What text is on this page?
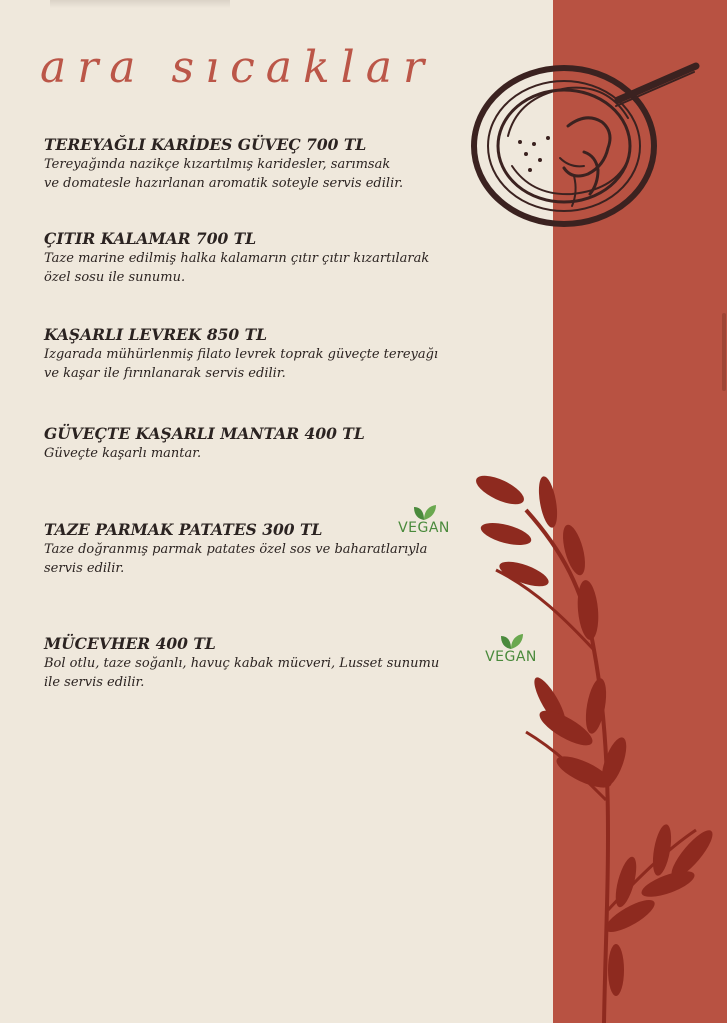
ara sıcaklar
TEREYAĞLI KARİDES GÜVEÇ 700 TL
Tereyağında nazikçe kızartılmış karidesler, sarımsak
ve domatesle hazırlanan aromatik soteyle servis edilir.
ÇITIR KALAMAR 700 TL
Taze marine edilmiş halka kalamarın çıtır çıtır kızartılarak
özel sosu ile sunumu.
KAŞARLI LEVREK 850 TL
Izgarada mühürlenmiş filato levrek toprak güveçte tereyağı
ve kaşar ile fırınlanarak servis edilir.
GÜVEÇTE KAŞARLI MANTAR 400 TL
Güveçte kaşarlı mantar.
TAZE PARMAK PATATES 300 TL
Taze doğranmış parmak patates özel sos ve baharatlarıyla
servis edilir.
MÜCEVHER 400 TL
Bol otlu, taze soğanlı, havuç kabak mücveri, Lusset sunumu
ile servis edilir.
VEGAN
VEGAN
